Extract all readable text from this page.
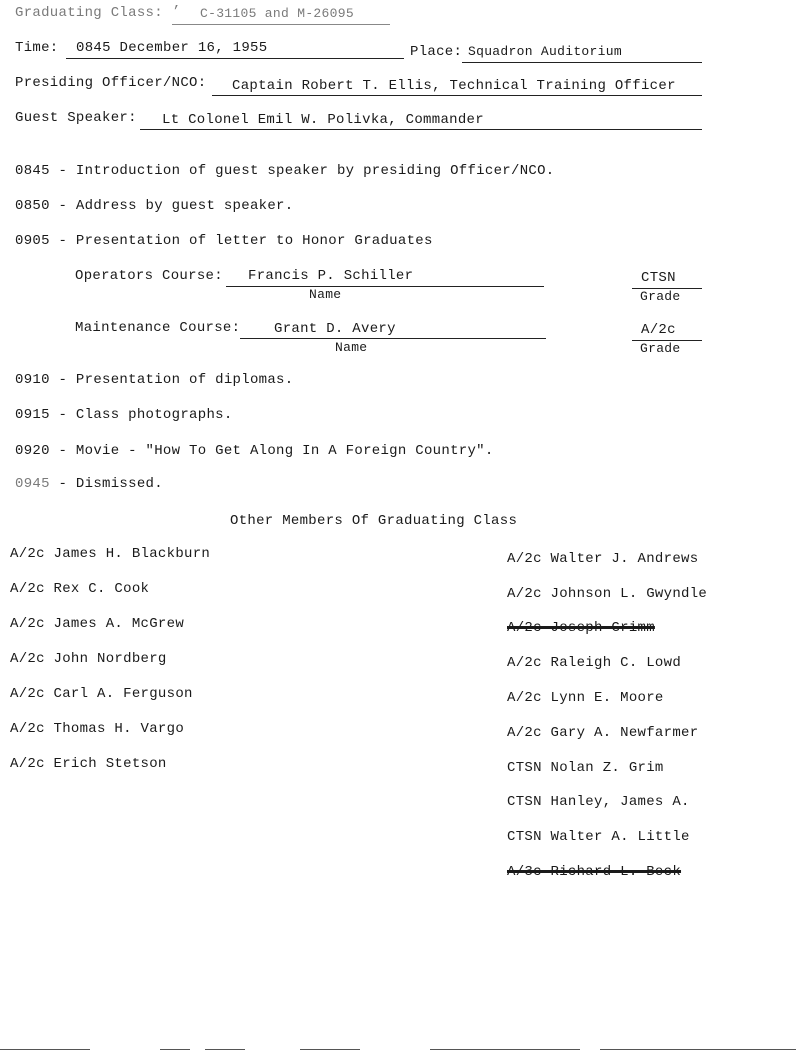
Graduating Class: ’ C-31105 and M-26095
Time: 0845 December 16, 1955	Place: Squadron Auditorium
Presiding Officer/NCO: Captain Robert T. Ellis, Technical Training Officer
Guest Speaker: Lt Colonel Emil W. Polivka, Commander
0845 - Introduction of guest speaker by presiding Officer/NCO.
0850 - Address by guest speaker.
0905 - Presentation of letter to Honor Graduates
Operators Course: Francis P. Schiller
Name
CTSN
Grade
Maintenance Course: Grant D. Avery
Name
A/2c
Grade
0910 - Presentation of diplomas.
0915 - Class photographs.
0920 - Movie - "How To Get Along In A Foreign Country".
0945 - Dismissed.
Other Members Of Graduating Class
A/2c James H. Blackburn
A/2c Rex C. Cook
A/2c James A. McGrew
A/2c John Nordberg
A/2c Carl A. Ferguson
A/2c Thomas H. Vargo
A/2c Erich Stetson
A/2c Walter J. Andrews
A/2c Johnson L. Gwyndle
A/2c Joseph Grimm
A/2c Raleigh C. Lowd
A/2c Lynn E. Moore
A/2c Gary A. Newfarmer
CTSN Nolan Z. Grim
CTSN Hanley, James A.
CTSN Walter A. Little
A/3c Richard L. Beck
